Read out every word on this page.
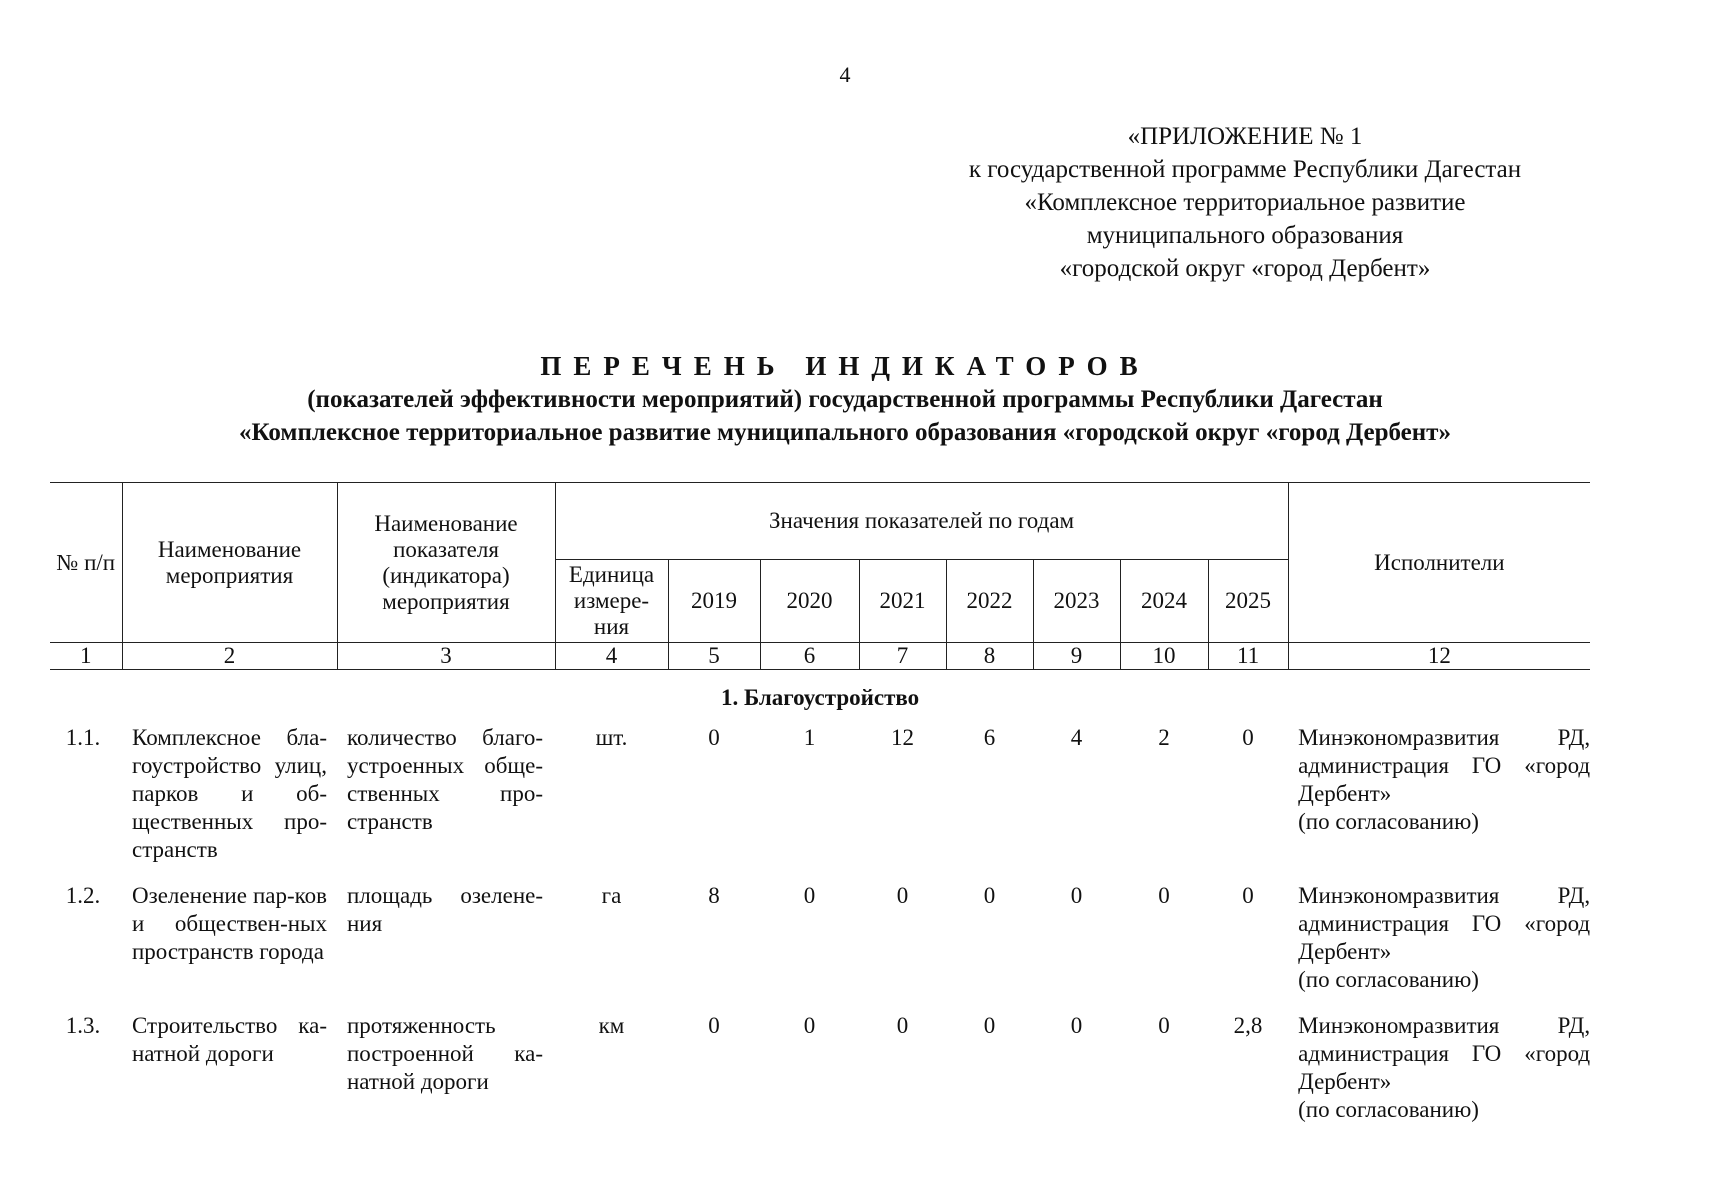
4
«ПРИЛОЖЕНИЕ № 1
к государственной программе Республики Дагестан
«Комплексное территориальное развитие
муниципального образования
«городской округ «город Дербент»
ПЕРЕЧЕНЬ ИНДИКАТОРОВ
(показателей эффективности мероприятий) государственной программы Республики Дагестан
«Комплексное территориальное развитие муниципального образования «городской округ «город Дербент»
№ п/п	Наименование мероприятия	Наименование показателя (индикатора) мероприятия	Значения показателей по годам								Исполнители
			Единица измере-ния	2019	2020	2021	2022	2023	2024	2025	
1	2	3	4	5	6	7	8	9	10	11	12
1. Благоустройство											
1.1.	Комплексное бла-гоустройство улиц, парков и об-щественных про-странств	количество благо-устроенных обще-ственных про-странств	шт.	0	1	12	6	4	2	0	Минэкономразвития РД, администрация ГО «город Дербент»
(по согласованию)

1.2.	Озеленение пар-ков и обществен-ных пространств города	площадь озелене-ния	га	8	0	0	0	0	0	0	Минэкономразвития РД, администрация ГО «город Дербент»
(по согласованию)

1.3.	Строительство ка-натной дороги	протяженность построенной ка-натной дороги	км	0	0	0	0	0	0	2,8	Минэкономразвития РД, администрация ГО «город Дербент»
(по согласованию)
